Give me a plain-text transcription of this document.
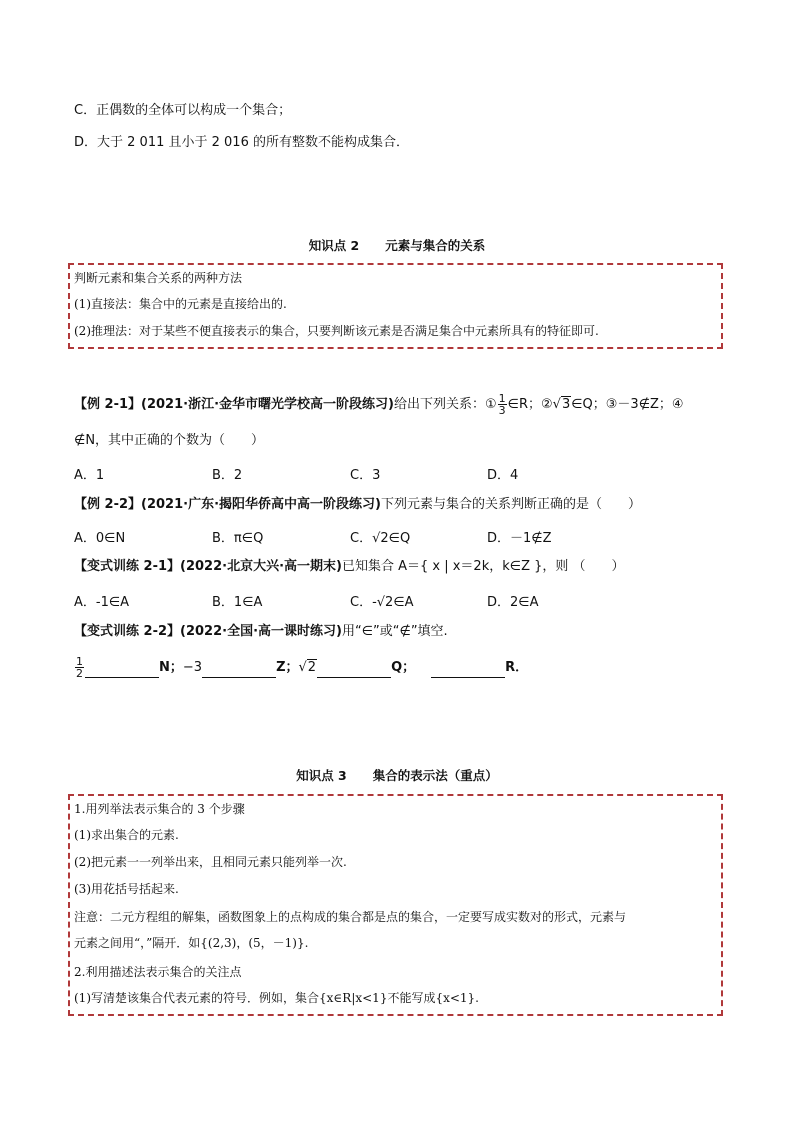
C．正偶数的全体可以构成一个集合；
D．大于 2 011 且小于 2 016 的所有整数不能构成集合．
知识点 2 元素与集合的关系
判断元素和集合关系的两种方法
(1)直接法：集合中的元素是直接给出的.
(2)推理法：对于某些不便直接表示的集合，只要判断该元素是否满足集合中元素所具有的特征即可.
【例 2-1】(2021·浙江·金华市曙光学校高一阶段练习)给出下列关系：① $\frac{1}{3}$ ∈R；②√3∈Q；③－3∉Z；④
∉N，其中正确的个数为（　　）
A．1	B．2	C．3	D．4
【例 2-2】(2021·广东·揭阳华侨高中高一阶段练习)下列元素与集合的关系判断正确的是（　　）
A．0∈N	B．π∈Q	C．√2∈Q	D．－1∉Z
【变式训练 2-1】(2022·北京大兴·高一期末)已知集合 A＝{ x | x＝2k，k∈Z }，则 （　　）
A．-1∈A	B．1∈A	C．-√2∈A	D．2∈A
【变式训练 2-2】(2022·全国·高一课时练习)用“∈”或“∉”填空.
$\frac{1}{2}$	N；−3	Z；√2	Q；	R．
知识点 3 集合的表示法（重点）
1.用列举法表示集合的 3 个步骤
(1)求出集合的元素.
(2)把元素一一列举出来，且相同元素只能列举一次.
(3)用花括号括起来.
注意：二元方程组的解集，函数图象上的点构成的集合都是点的集合，一定要写成实数对的形式，元素与
元素之间用“，”隔开．如{(2,3)，(5，－1)}.
2.利用描述法表示集合的关注点
(1)写清楚该集合代表元素的符号．例如，集合{x∈R|x<1}不能写成{x<1}.
